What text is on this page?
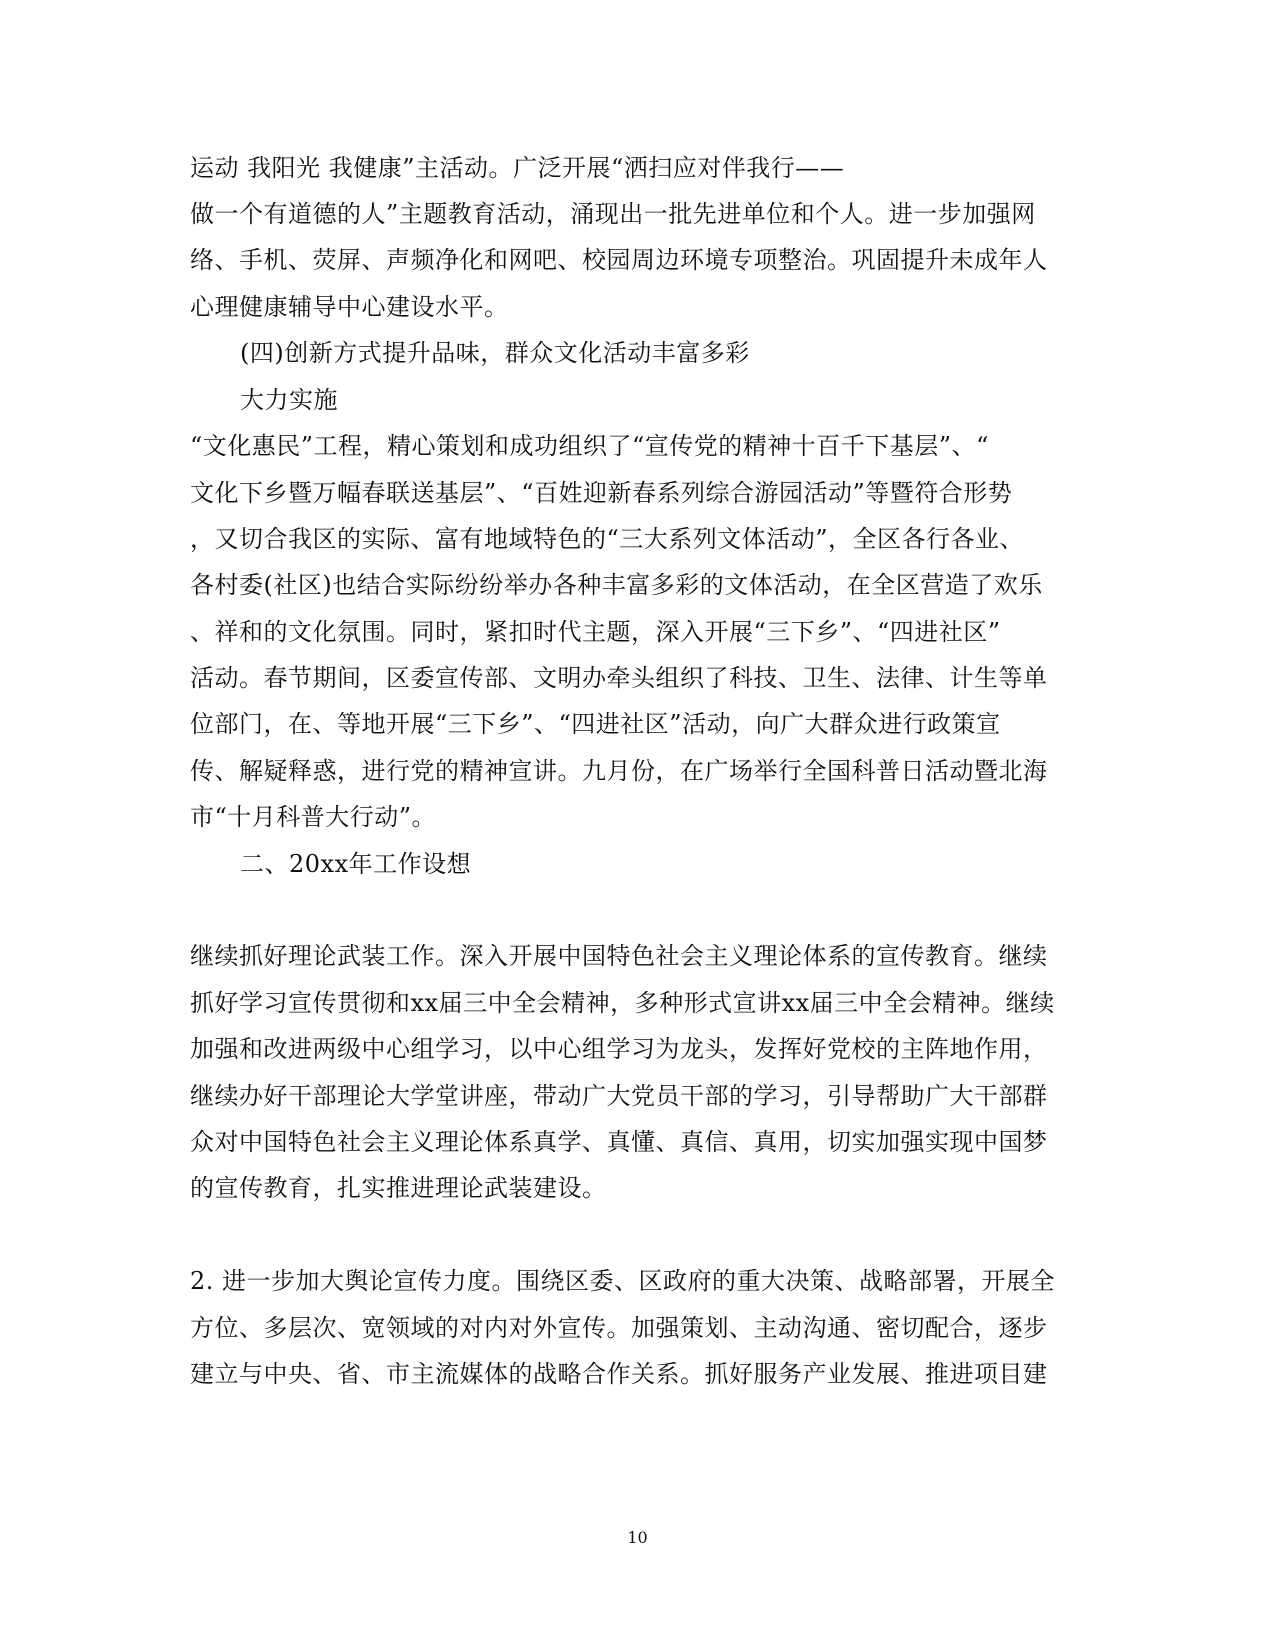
运动 我阳光 我健康”主活动。广泛开展“洒扫应对伴我行——
做一个有道德的人”主题教育活动，涌现出一批先进单位和个人。进一步加强网
络、手机、荧屏、声频净化和网吧、校园周边环境专项整治。巩固提升未成年人
心理健康辅导中心建设水平。
(四)创新方式提升品味，群众文化活动丰富多彩
大力实施
“文化惠民”工程，精心策划和成功组织了“宣传党的精神十百千下基层”、“
文化下乡暨万幅春联送基层”、“百姓迎新春系列综合游园活动”等暨符合形势
，又切合我区的实际、富有地域特色的“三大系列文体活动”，全区各行各业、
各村委(社区)也结合实际纷纷举办各种丰富多彩的文体活动，在全区营造了欢乐
、祥和的文化氛围。同时，紧扣时代主题，深入开展“三下乡”、“四进社区”
活动。春节期间，区委宣传部、文明办牵头组织了科技、卫生、法律、计生等单
位部门，在、等地开展“三下乡”、“四进社区”活动，向广大群众进行政策宣
传、解疑释惑，进行党的精神宣讲。九月份，在广场举行全国科普日活动暨北海
市“十月科普大行动”。
二、20xx年工作设想
继续抓好理论武装工作。深入开展中国特色社会主义理论体系的宣传教育。继续
抓好学习宣传贯彻和xx届三中全会精神，多种形式宣讲xx届三中全会精神。继续
加强和改进两级中心组学习，以中心组学习为龙头，发挥好党校的主阵地作用，
继续办好干部理论大学堂讲座，带动广大党员干部的学习，引导帮助广大干部群
众对中国特色社会主义理论体系真学、真懂、真信、真用，切实加强实现中国梦
的宣传教育，扎实推进理论武装建设。
2. 进一步加大舆论宣传力度。围绕区委、区政府的重大决策、战略部署，开展全
方位、多层次、宽领域的对内对外宣传。加强策划、主动沟通、密切配合，逐步
建立与中央、省、市主流媒体的战略合作关系。抓好服务产业发展、推进项目建
10
